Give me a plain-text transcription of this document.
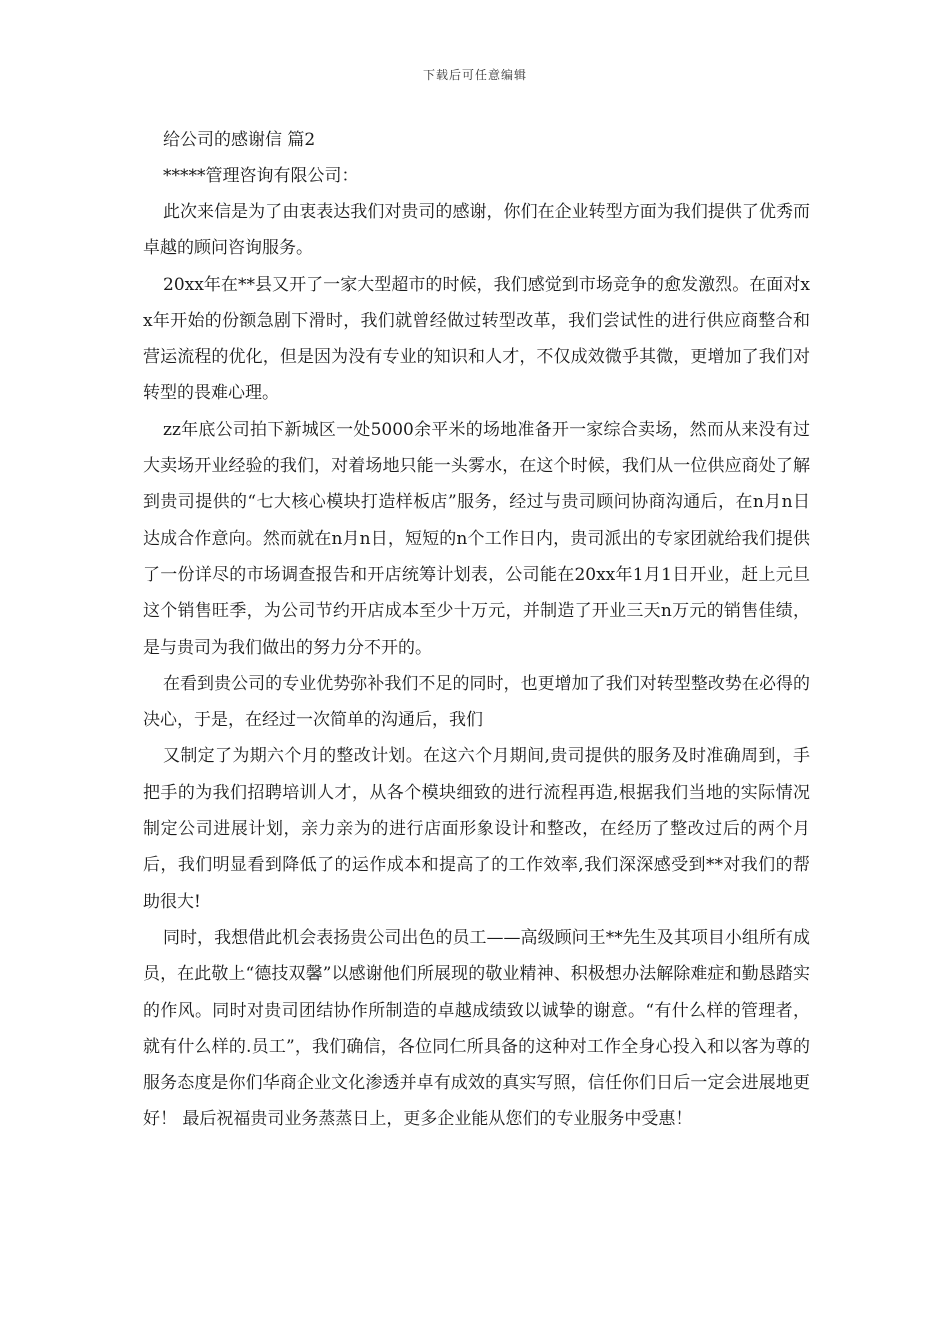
下载后可任意编辑
给公司的感谢信 篇2

*****管理咨询有限公司：

此次来信是为了由衷表达我们对贵司的感谢，你们在企业转型方面为我们提供了优秀而卓越的顾问咨询服务。

20xx年在**县又开了一家大型超市的时候，我们感觉到市场竞争的愈发激烈。在面对xx年开始的份额急剧下滑时，我们就曾经做过转型改革，我们尝试性的进行供应商整合和营运流程的优化，但是因为没有专业的知识和人才，不仅成效微乎其微，更增加了我们对转型的畏难心理。

zz年底公司拍下新城区一处5000余平米的场地准备开一家综合卖场，然而从来没有过大卖场开业经验的我们，对着场地只能一头雾水，在这个时候，我们从一位供应商处了解到贵司提供的“七大核心模块打造样板店”服务，经过与贵司顾问协商沟通后，在n月n日达成合作意向。然而就在n月n日，短短的n个工作日内，贵司派出的专家团就给我们提供了一份详尽的市场调查报告和开店统筹计划表，公司能在20xx年1月1日开业，赶上元旦这个销售旺季，为公司节约开店成本至少十万元，并制造了开业三天n万元的销售佳绩，是与贵司为我们做出的努力分不开的。

在看到贵公司的专业优势弥补我们不足的同时，也更增加了我们对转型整改势在必得的决心，于是，在经过一次简单的沟通后，我们

又制定了为期六个月的整改计划。在这六个月期间,贵司提供的服务及时准确周到，手把手的为我们招聘培训人才，从各个模块细致的进行流程再造,根据我们当地的实际情况制定公司进展计划，亲力亲为的进行店面形象设计和整改，在经历了整改过后的两个月后，我们明显看到降低了的运作成本和提高了的工作效率,我们深深感受到**对我们的帮助很大!

同时，我想借此机会表扬贵公司出色的员工——高级顾问王**先生及其项目小组所有成员，在此敬上“德技双馨”以感谢他们所展现的敬业精神、积极想办法解除难症和勤恳踏实的作风。同时对贵司团结协作所制造的卓越成绩致以诚挚的谢意。“有什么样的管理者，就有什么样的.员工”，我们确信，各位同仁所具备的这种对工作全身心投入和以客为尊的服务态度是你们华商企业文化渗透并卓有成效的真实写照，信任你们日后一定会进展地更好！ 最后祝福贵司业务蒸蒸日上，更多企业能从您们的专业服务中受惠！
